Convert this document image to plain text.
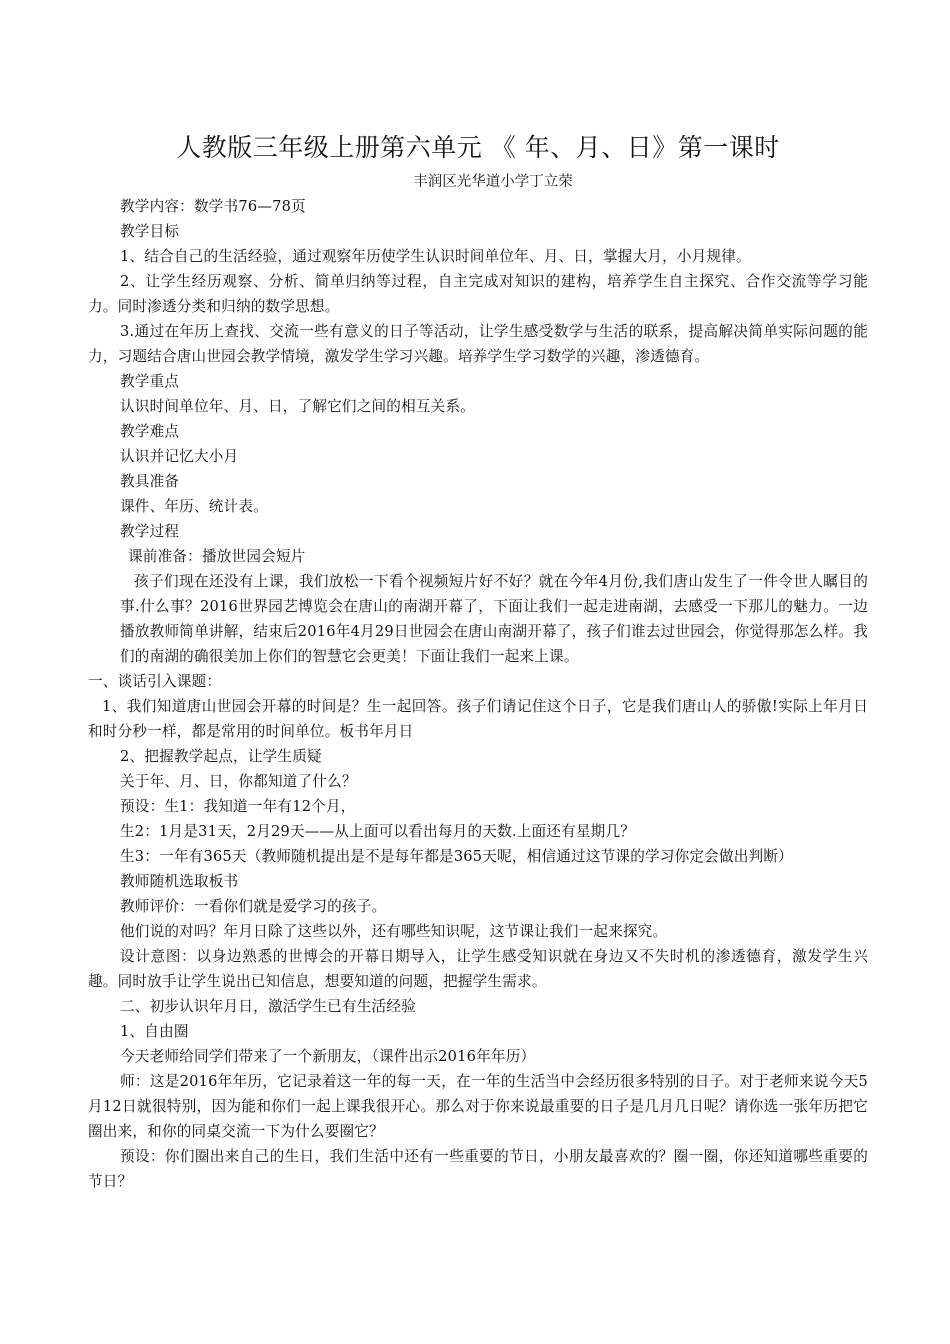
人教版三年级上册第六单元 《 年、月、日》第一课时
丰润区光华道小学丁立荣

教学内容：数学书76—78页

教学目标

1、结合自己的生活经验，通过观察年历使学生认识时间单位年、月、日，掌握大月，小月规律。

2、让学生经历观察、分析、简单归纳等过程，自主完成对知识的建构，培养学生自主探究、合作交流等学习能力。同时渗透分类和归纳的数学思想。

3.通过在年历上查找、交流一些有意义的日子等活动，让学生感受数学与生活的联系，提高解决简单实际问题的能力，习题结合唐山世园会教学情境，激发学生学习兴趣。培养学生学习数学的兴趣，渗透德育。

教学重点

认识时间单位年、月、日，了解它们之间的相互关系。

教学难点

认识并记忆大小月

教具准备

课件、年历、统计表。

教学过程

课前准备：播放世园会短片

孩子们现在还没有上课，我们放松一下看个视频短片好不好？就在今年4月份,我们唐山发生了一件令世人瞩目的事.什么事？2016世界园艺博览会在唐山的南湖开幕了，下面让我们一起走进南湖，去感受一下那儿的魅力。一边播放教师简单讲解，结束后2016年4月29日世园会在唐山南湖开幕了，孩子们谁去过世园会，你觉得那怎么样。我们的南湖的确很美加上你们的智慧它会更美！下面让我们一起来上课。

一、谈话引入课题：

1、我们知道唐山世园会开幕的时间是？生一起回答。孩子们请记住这个日子，它是我们唐山人的骄傲!实际上年月日和时分秒一样，都是常用的时间单位。板书年月日

2、把握教学起点，让学生质疑

关于年、月、日，你都知道了什么？

预设：生1：我知道一年有12个月，

生2：1月是31天，2月29天——从上面可以看出每月的天数.上面还有星期几？

生3：一年有365天（教师随机提出是不是每年都是365天呢，相信通过这节课的学习你定会做出判断）

教师随机选取板书

教师评价：一看你们就是爱学习的孩子。

他们说的对吗？年月日除了这些以外，还有哪些知识呢，这节课让我们一起来探究。

设计意图：以身边熟悉的世博会的开幕日期导入，让学生感受知识就在身边又不失时机的渗透德育，激发学生兴趣。同时放手让学生说出已知信息，想要知道的问题，把握学生需求。

二、初步认识年月日，激活学生已有生活经验

1、自由圈

今天老师给同学们带来了一个新朋友，（课件出示2016年年历）

师：这是2016年年历，它记录着这一年的每一天，在一年的生活当中会经历很多特别的日子。对于老师来说今天5月12日就很特别，因为能和你们一起上课我很开心。那么对于你来说最重要的日子是几月几日呢？请你选一张年历把它圈出来，和你的同桌交流一下为什么要圈它？

预设：你们圈出来自己的生日，我们生活中还有一些重要的节日，小朋友最喜欢的？圈一圈，你还知道哪些重要的节日？
